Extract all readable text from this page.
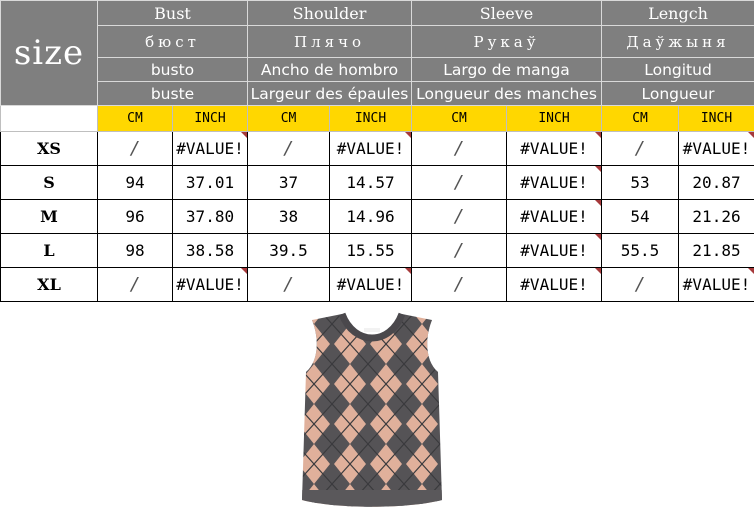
size	Bust		Shoulder		Sleeve		Lengch	
	бюст		Плячо		Рукаў		Даўжыня	
	busto		Ancho de hombro		Largo de manga		Longitud	
	buste		Largeur des épaules		Longueur des manches		Longueur	
	CM	INCH	CM	INCH	CM	INCH	CM	INCH
XS	/	#VALUE!	/	#VALUE!	/	#VALUE!	/	#VALUE!
S	94	37.01	37	14.57	/	#VALUE!	53	20.87
M	96	37.80	38	14.96	/	#VALUE!	54	21.26
L	98	38.58	39.5	15.55	/	#VALUE!	55.5	21.85
XL	/	#VALUE!	/	#VALUE!	/	#VALUE!	/	#VALUE!
